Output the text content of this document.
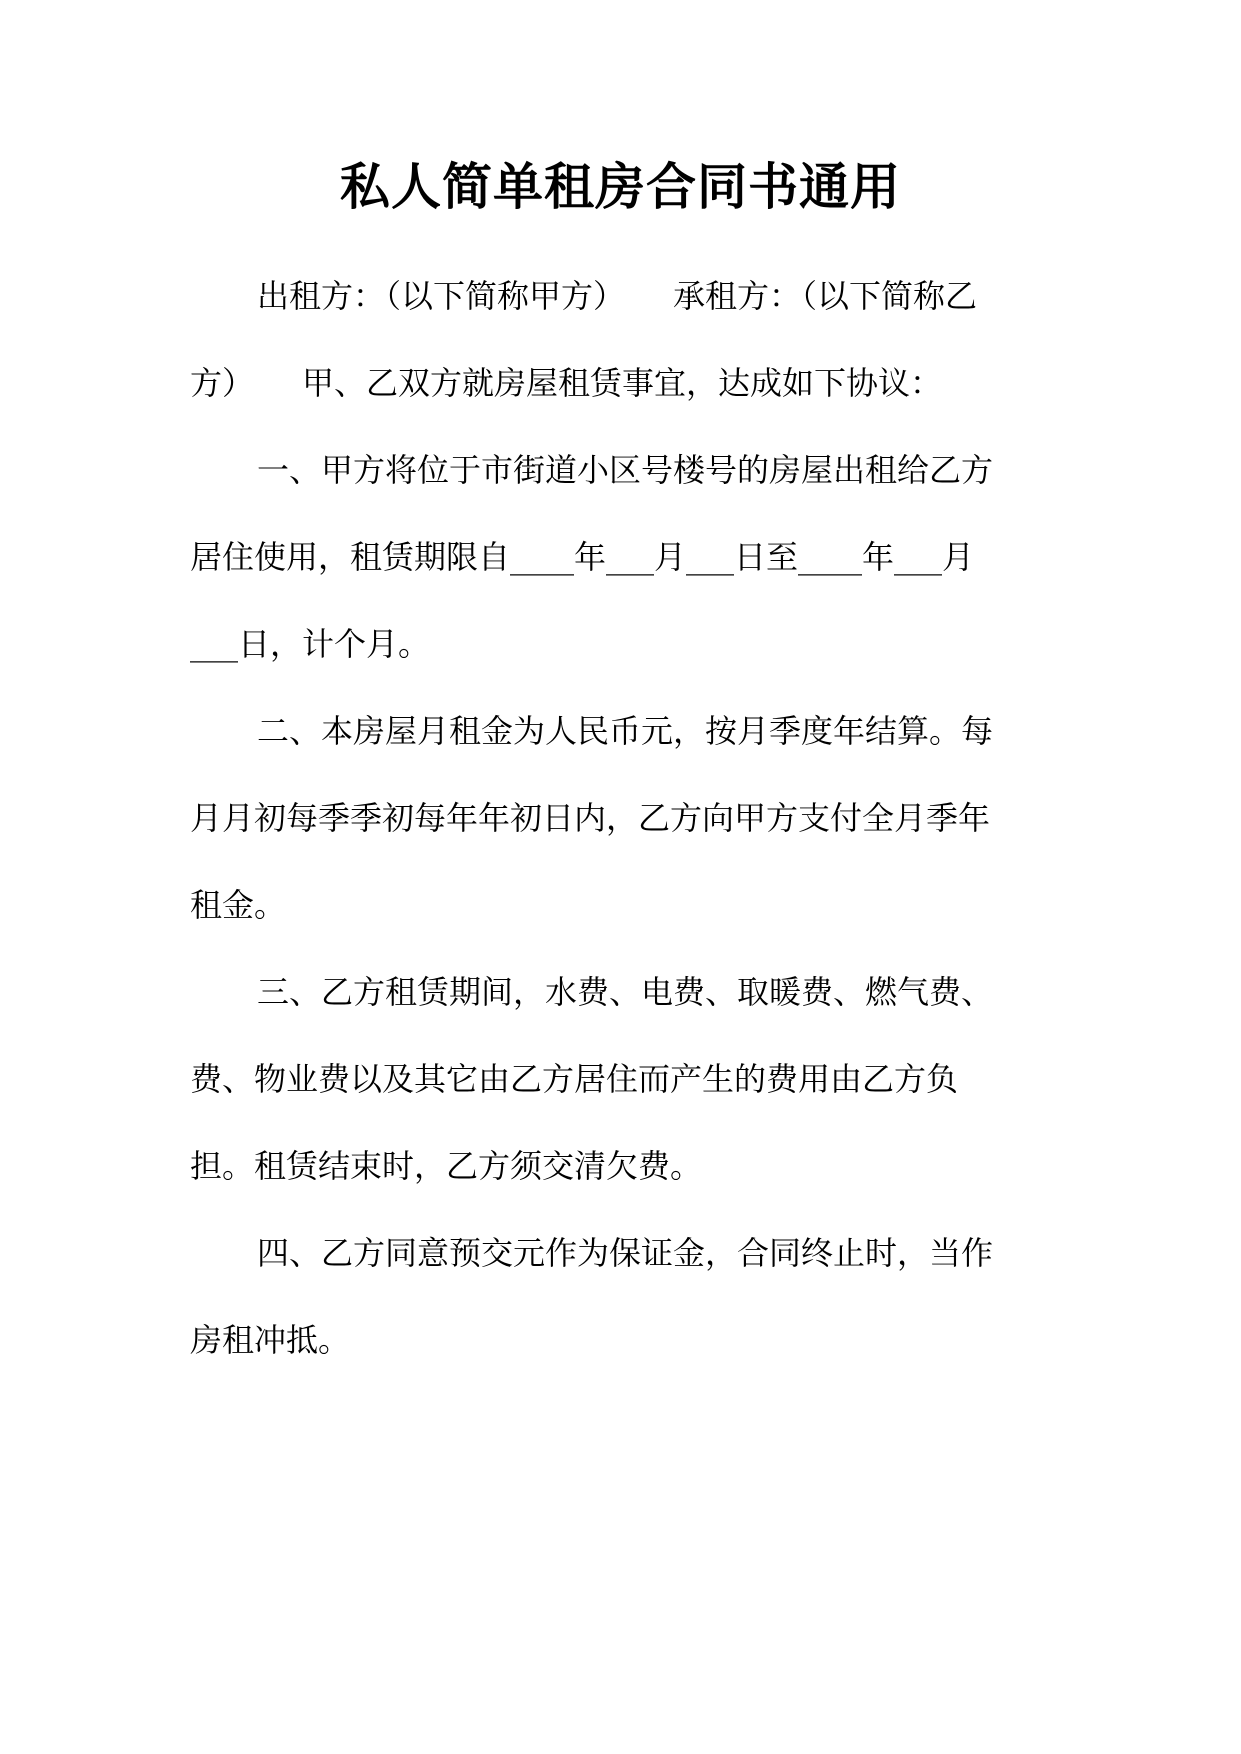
私人简单租房合同书通用
出租方：（以下简称甲方）　　承租方：（以下简称乙
方）　　甲、乙双方就房屋租赁事宜，达成如下协议：
一、甲方将位于市街道小区号楼号的房屋出租给乙方
居住使用，租赁期限自____年___月___日至____年___月
___日，计个月。
二、本房屋月租金为人民币元，按月季度年结算。每
月月初每季季初每年年初日内，乙方向甲方支付全月季年
租金。
三、乙方租赁期间，水费、电费、取暖费、燃气费、
费、物业费以及其它由乙方居住而产生的费用由乙方负
担。租赁结束时，乙方须交清欠费。
四、乙方同意预交元作为保证金，合同终止时，当作
房租冲抵。
